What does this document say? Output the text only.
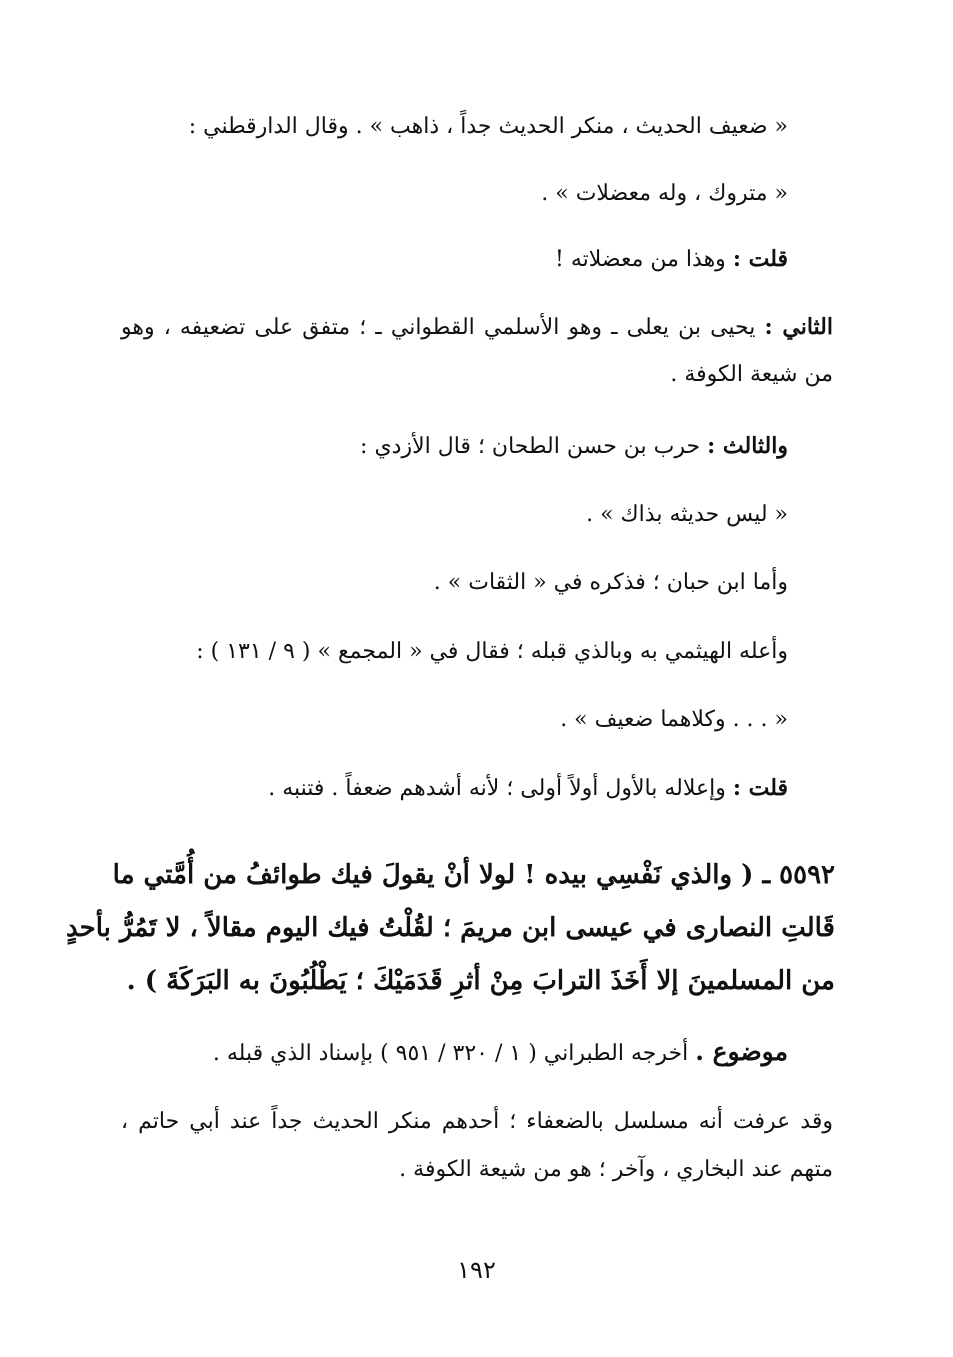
« ضعيف الحديث ، منكر الحديث جداً ، ذاهب » . وقال الدارقطني :
« متروك ، وله معضلات » .
قلت : وهذا من معضلاته !
الثاني : يحيى بن يعلى ـ وهو الأسلمي القطواني ـ ؛ متفق على تضعيفه ، وهو
من شيعة الكوفة .
والثالث : حرب بن حسن الطحان ؛ قال الأزدي :
« ليس حديثه بذاك » .
وأما ابن حبان ؛ فذكره في « الثقات » .
وأعله الهيثمي به وبالذي قبله ؛ فقال في « المجمع » ( ٩ / ١٣١ ) :
« . . . وكلاهما ضعيف » .
قلت : وإعلاله بالأول أولاً أولى ؛ لأنه أشدهم ضعفاً . فتنبه .
٥٥٩٢ ـ ( والذي نَفْسِي بيده ! لولا أنْ يقولَ فيك طوائفُ من أُمَّتي ما
قَالتِ النصارى في عيسى ابن مريمَ ؛ لقُلْتُ فيك اليوم مقالاً ، لا تَمُرُّ بأحدٍ
من المسلمينَ إلا أَخَذَ الترابَ مِنْ أثرِ قَدَمَيْكَ ؛ يَطْلُبُونَ به البَرَكَةَ ) .
موضوع . أخرجه الطبراني ( ١ / ٣٢٠ / ٩٥١ ) بإسناد الذي قبله .
وقد عرفت أنه مسلسل بالضعفاء ؛ أحدهم منكر الحديث جداً عند أبي حاتم ،
متهم عند البخاري ، وآخر ؛ هو من شيعة الكوفة .
١٩٢
